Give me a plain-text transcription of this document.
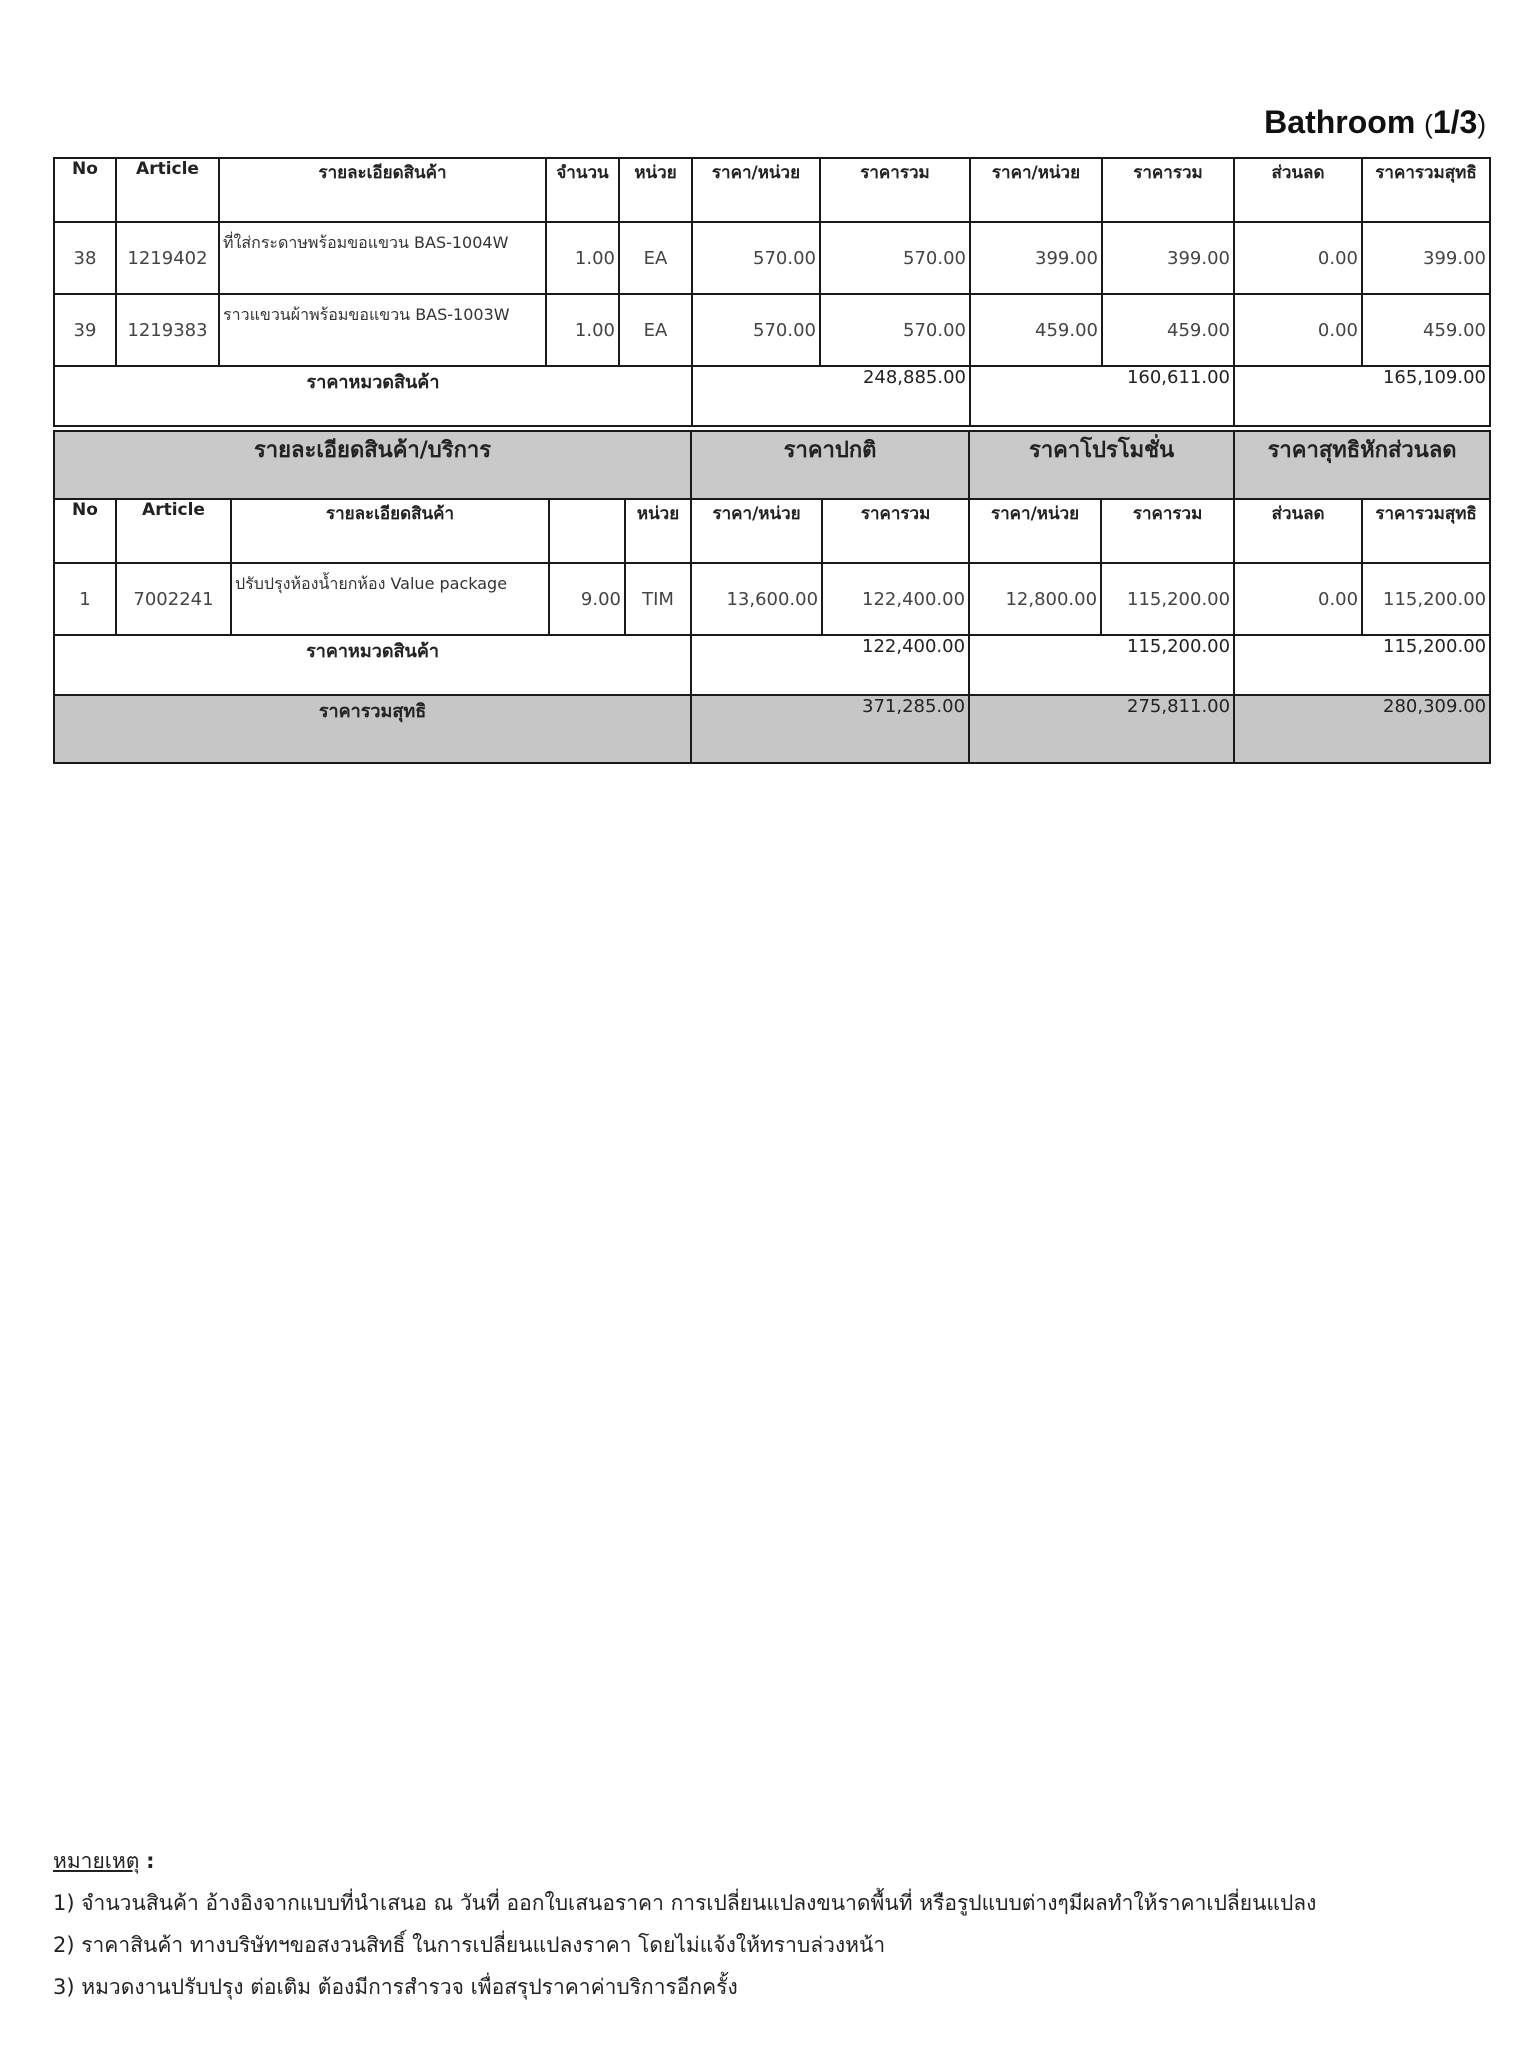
Bathroom (1/3)
No	Article	รายละเอียดสินค้า	จำนวน	หน่วย	ราคา/หน่วย	ราคารวม	ราคา/หน่วย	ราคารวม	ส่วนลด	ราคารวมสุทธิ
38	1219402	ที่ใส่กระดาษพร้อมขอแขวน BAS-1004W	1.00	EA	570.00	570.00	399.00	399.00	0.00	399.00
39	1219383	ราวแขวนผ้าพร้อมขอแขวน BAS-1003W	1.00	EA	570.00	570.00	459.00	459.00	0.00	459.00
ราคาหมวดสินค้า					248,885.00		160,611.00		165,109.00	
รายละเอียดสินค้า/บริการ					ราคาปกติ		ราคาโปรโมชั่น		ราคาสุทธิหักส่วนลด	
No	Article	รายละเอียดสินค้า		หน่วย	ราคา/หน่วย	ราคารวม	ราคา/หน่วย	ราคารวม	ส่วนลด	ราคารวมสุทธิ
1	7002241	ปรับปรุงห้องน้ำยกห้อง Value package	9.00	TIM	13,600.00	122,400.00	12,800.00	115,200.00	0.00	115,200.00
ราคาหมวดสินค้า					122,400.00		115,200.00		115,200.00	
ราคารวมสุทธิ					371,285.00		275,811.00		280,309.00	
หมายเหตุ :
1) จำนวนสินค้า อ้างอิงจากแบบที่นำเสนอ ณ วันที่ ออกใบเสนอราคา การเปลี่ยนแปลงขนาดพื้นที่ หรือรูปแบบต่างๆมีผลทำให้ราคาเปลี่ยนแปลง
2) ราคาสินค้า ทางบริษัทฯขอสงวนสิทธิ์ ในการเปลี่ยนแปลงราคา โดยไม่แจ้งให้ทราบล่วงหน้า
3) หมวดงานปรับปรุง ต่อเติม ต้องมีการสำรวจ เพื่อสรุปราคาค่าบริการอีกครั้ง
